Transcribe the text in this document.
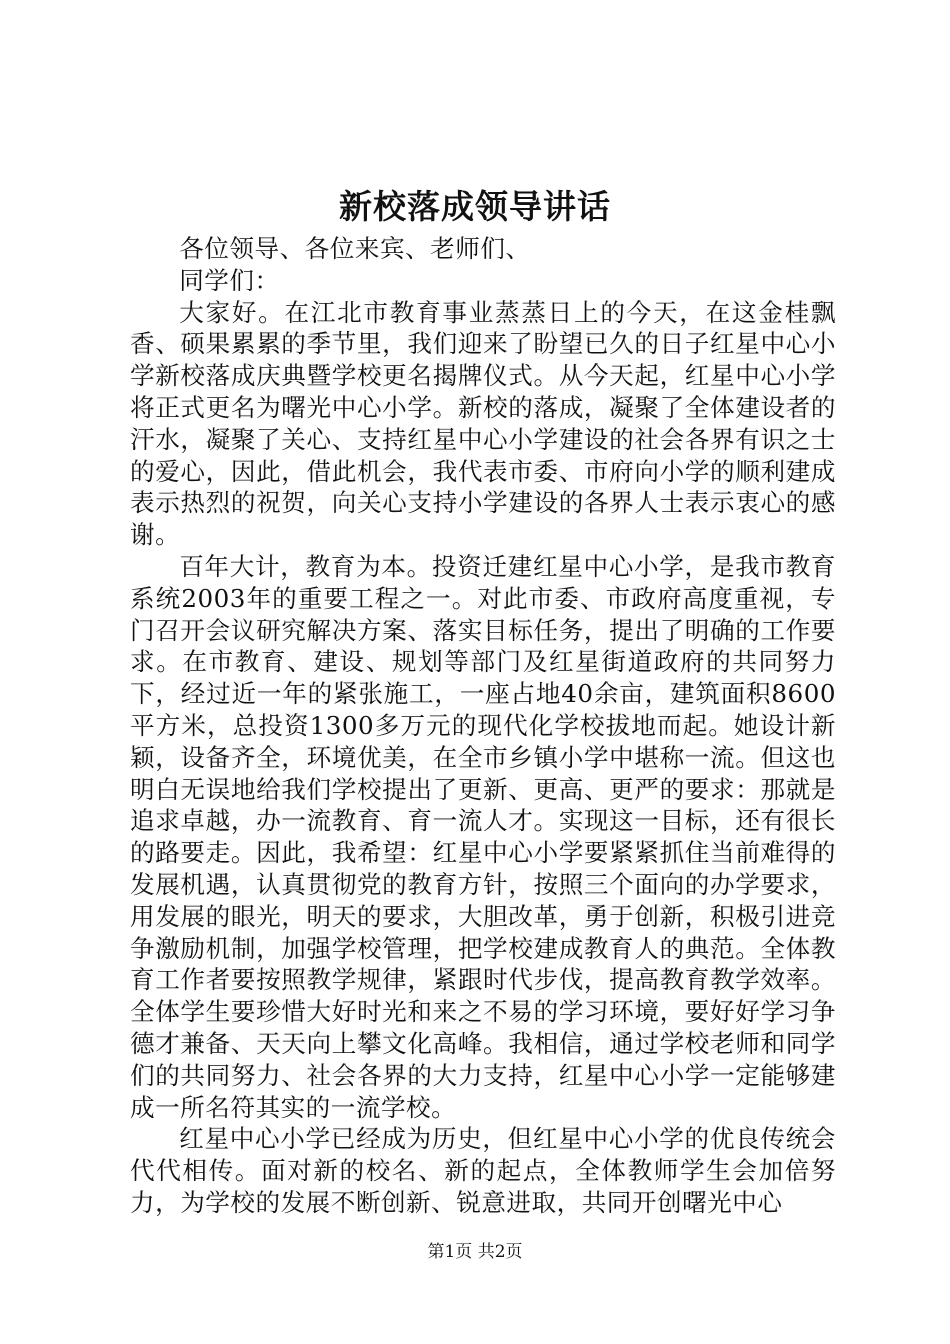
新校落成领导讲话

各位领导、各位来宾、老师们、

同学们：

大家好。在江北市教育事业蒸蒸日上的今天，在这金桂飘香、硕果累累的季节里，我们迎来了盼望已久的日子红星中心小学新校落成庆典暨学校更名揭牌仪式。从今天起，红星中心小学将正式更名为曙光中心小学。新校的落成，凝聚了全体建设者的汗水，凝聚了关心、支持红星中心小学建设的社会各界有识之士的爱心，因此，借此机会，我代表市委、市府向小学的顺利建成表示热烈的祝贺，向关心支持小学建设的各界人士表示衷心的感谢。

百年大计，教育为本。投资迁建红星中心小学，是我市教育系统2003年的重要工程之一。对此市委、市政府高度重视，专门召开会议研究解决方案、落实目标任务，提出了明确的工作要求。在市教育、建设、规划等部门及红星街道政府的共同努力下，经过近一年的紧张施工，一座占地40余亩，建筑面积8600平方米，总投资1300多万元的现代化学校拔地而起。她设计新颖，设备齐全，环境优美，在全市乡镇小学中堪称一流。但这也明白无误地给我们学校提出了更新、更高、更严的要求：那就是追求卓越，办一流教育、育一流人才。实现这一目标，还有很长的路要走。因此，我希望：红星中心小学要紧紧抓住当前难得的发展机遇，认真贯彻党的教育方针，按照三个面向的办学要求，用发展的眼光，明天的要求，大胆改革，勇于创新，积极引进竞争激励机制，加强学校管理，把学校建成教育人的典范。全体教育工作者要按照教学规律，紧跟时代步伐，提高教育教学效率。全体学生要珍惜大好时光和来之不易的学习环境，要好好学习争德才兼备、天天向上攀文化高峰。我相信，通过学校老师和同学们的共同努力、社会各界的大力支持，红星中心小学一定能够建成一所名符其实的一流学校。

红星中心小学已经成为历史，但红星中心小学的优良传统会代代相传。面对新的校名、新的起点，全体教师学生会加倍努力，为学校的发展不断创新、锐意进取，共同开创曙光中心

第1页 共2页
